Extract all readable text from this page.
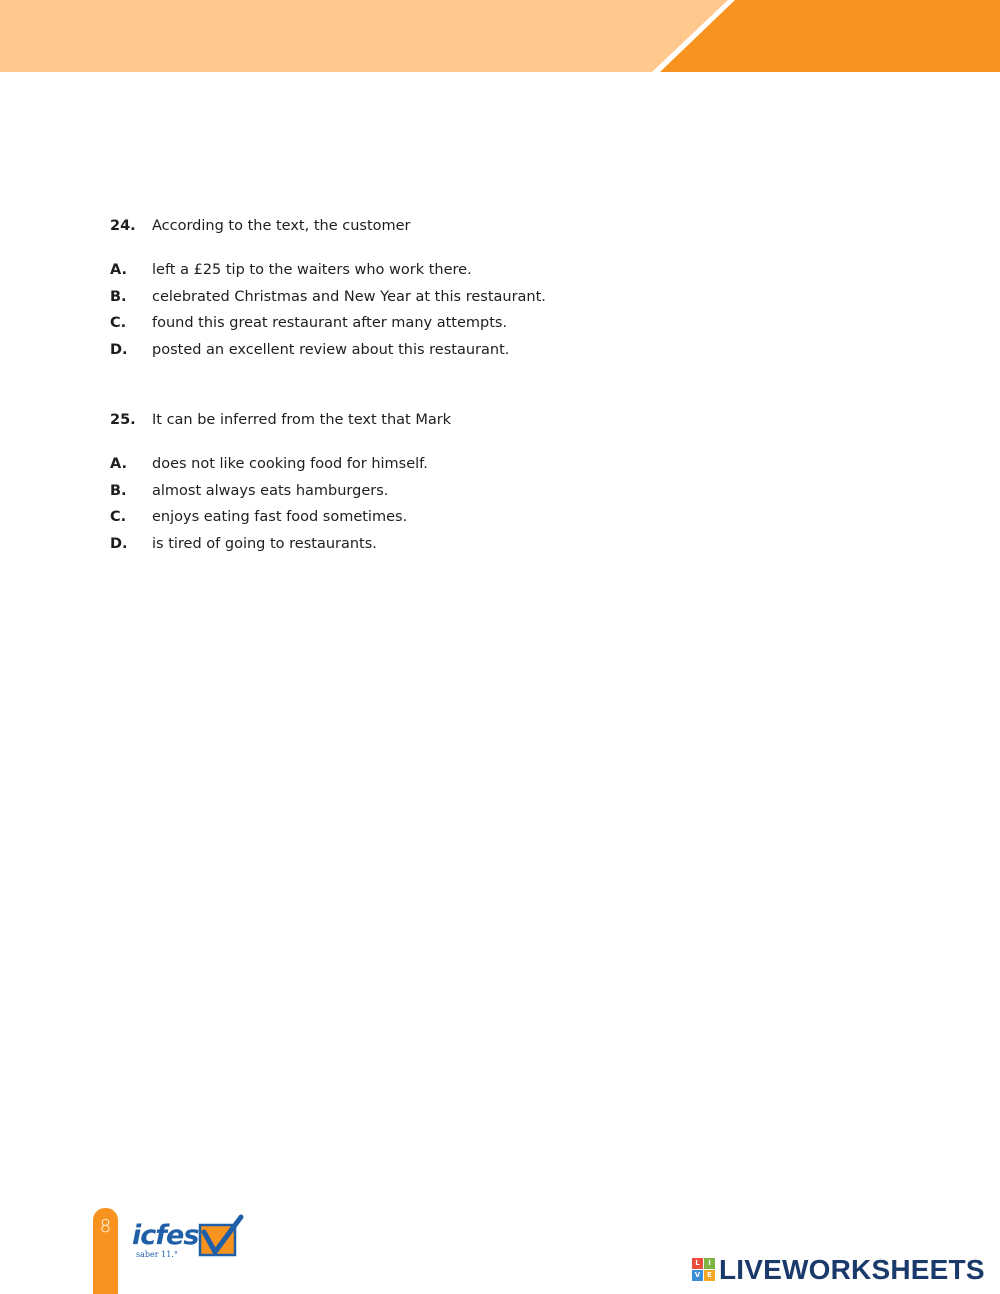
24. According to the text, the customer
A. left a £25 tip to the waiters who work there.
B. celebrated Christmas and New Year at this restaurant.
C. found this great restaurant after many attempts.
D. posted an excellent review about this restaurant.
25. It can be inferred from the text that Mark
A. does not like cooking food for himself.
B. almost always eats hamburgers.
C. enjoys eating fast food sometimes.
D. is tired of going to restaurants.
8 icfes
saber 11.°
L	I
V E LIVEWORKSHEETS
